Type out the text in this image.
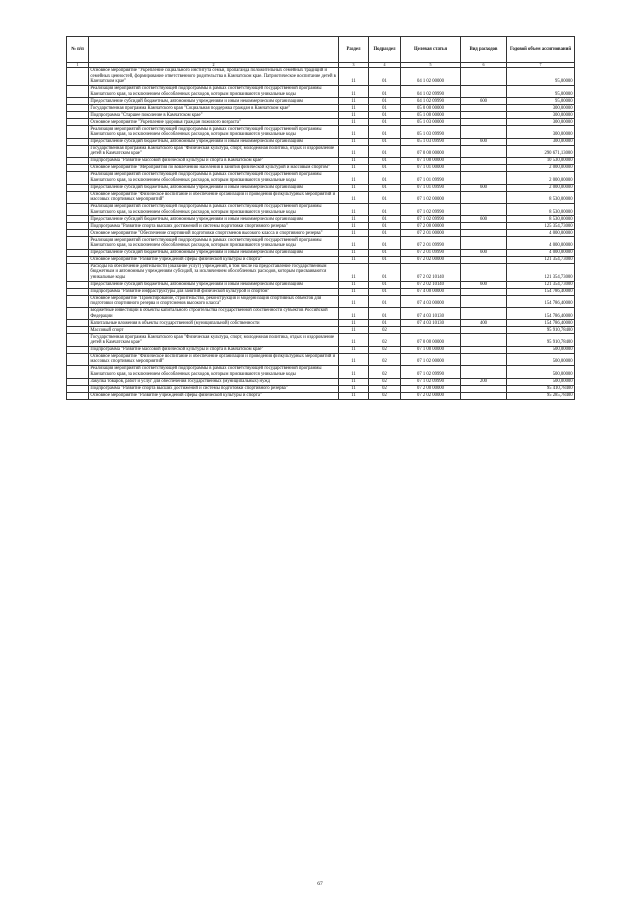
№ п/п		Раздел	Подраздел	Целевая статья	Вид расходов	Годовой объем ассигнований
1	2	3	4	5	6	7
	Основное мероприятие "Укрепление социального института семьи, пропаганда положительных семейных традиций и семейных ценностей, формирование ответственного родительства в Камчатском крае. Патриотическое воспитание детей в Камчатском крае"	11	01	04 1 02 00000		95,00000
	Реализация мероприятий соответствующей подпрограммы в рамках соответствующей государственной программы Камчатского края, за исключением обособленных расходов, которым присваиваются уникальные коды	11	01	04 1 02 09990		95,00000
	Предоставление субсидий бюджетным, автономным учреждениям и иным некоммерческим организациям	11	01	04 1 02 09990	600	95,00000
	Государственная программа Камчатского края "Социальная поддержка граждан в Камчатском крае"	11	01	05 0 00 00000		300,00000
	Подпрограмма "Старшее поколение в Камчатском крае"	11	01	05 1 00 00000		300,00000
	Основное мероприятие "Укрепление здоровья граждан пожилого возраста"	11	01	05 1 03 00000		300,00000
	Реализация мероприятий соответствующей подпрограммы в рамках соответствующей государственной программы Камчатского края, за исключением обособленных расходов, которым присваиваются уникальные коды	11	01	05 1 03 09990		300,00000
	Предоставление субсидий бюджетным, автономным учреждениям и иным некоммерческим организациям	11	01	05 1 03 09990	600	300,00000
	Государственная программа Камчатского края "Физическая культура, спорт, молодежная политика, отдых и оздоровление детей в Камчатском крае"	11	01	07 0 00 00000		290 671,13000
	Подпрограмма "Развитие массовой физической культуры и спорта в Камчатском крае"	11	01	07 1 00 00000		10 530,00000
	Основное мероприятие "Мероприятия по вовлечению населения в занятия физической культурой и массовым спортом"	11	01	07 1 01 00000		2 000,00000
	Реализация мероприятий соответствующей подпрограммы в рамках соответствующей государственной программы Камчатского края, за исключением обособленных расходов, которым присваиваются уникальные коды	11	01	07 1 01 09990		2 000,00000
	Предоставление субсидий бюджетным, автономным учреждениям и иным некоммерческим организациям	11	01	07 1 01 09990	600	2 000,00000
	Основное мероприятие "Физическое воспитание и обеспечение организации и проведения физкультурных мероприятий и массовых спортивных мероприятий"	11	01	07 1 02 00000		8 530,00000
	Реализация мероприятий соответствующей подпрограммы в рамках соответствующей государственной программы Камчатского края, за исключением обособленных расходов, которым присваиваются уникальные коды	11	01	07 1 02 09990		8 530,00000
	Предоставление субсидий бюджетным, автономным учреждениям и иным некоммерческим организациям	11	01	07 1 02 09990	600	8 530,00000
	Подпрограмма "Развитие спорта высших достижений и системы подготовки спортивного резерва"	11	01	07 2 00 00000		125 354,73000
	Основное мероприятие "Обеспечение спортивной подготовки спортсменов высокого класса и спортивного резерва"	11	01	07 2 01 00000		4 000,00000
	Реализация мероприятий соответствующей подпрограммы в рамках соответствующей государственной программы Камчатского края, за исключением обособленных расходов, которым присваиваются уникальные коды	11	01	07 2 01 09990		4 000,00000
	Предоставление субсидий бюджетным, автономным учреждениям и иным некоммерческим организациям	11	01	07 2 01 09990	600	4 000,00000
	Основное мероприятие "Развитие учреждений сферы физической культуры и спорта"	11	01	07 2 02 00000		121 354,73000
	Расходы на обеспечение деятельности (оказание услуг) учреждений, в том числе на предоставление государственным бюджетным и автономным учреждениям субсидий, за исключением обособленных расходов, которым присваиваются уникальные коды	11	01	07 2 02 10140		121 354,73000
	Предоставление субсидий бюджетным, автономным учреждениям и иным некоммерческим организациям	11	01	07 2 02 10140	600	121 354,73000
	Подпрограмма "Развитие инфраструктуры для занятий физической культурой и спортом"	11	01	07 4 00 00000		154 786,40000
	Основное мероприятие "Проектирование, строительство, реконструкция и модернизация спортивных объектов для подготовки спортивного резерва и спортсменов высокого класса"	11	01	07 4 03 00000		154 786,40000
	Бюджетные инвестиции в объекты капитального строительства государственной собственности субъектов Российской Федерации	11	01	07 4 03 10130		154 786,40000
	Капитальные вложения в объекты государственной (муниципальной) собственности	11	01	07 4 03 10130	400	154 786,40000
	Массовый спорт	11	02			95 910,78400
	Государственная программа Камчатского края "Физическая культура, спорт, молодежная политика, отдых и оздоровление детей в Камчатском крае"	11	02	07 0 00 00000		95 910,78400
	Подпрограмма "Развитие массовой физической культуры и спорта в Камчатском крае"	11	02	07 1 00 00000		500,00000
	Основное мероприятие "Физическое воспитание и обеспечение организации и проведения физкультурных мероприятий и массовых спортивных мероприятий"	11	02	07 1 02 00000		500,00000
	Реализация мероприятий соответствующей подпрограммы в рамках соответствующей государственной программы Камчатского края, за исключением обособленных расходов, которым присваиваются уникальные коды	11	02	07 1 02 09990		500,00000
	Закупка товаров, работ и услуг для обеспечения государственных (муниципальных) нужд	11	02	07 1 02 09990	200	500,00000
	Подпрограмма "Развитие спорта высших достижений и системы подготовки спортивного резерва"	11	02	07 2 00 00000		95 410,78400
	Основное мероприятие "Развитие учреждений сферы физической культуры и спорта"	11	02	07 2 02 00000		95 285,78400
67
